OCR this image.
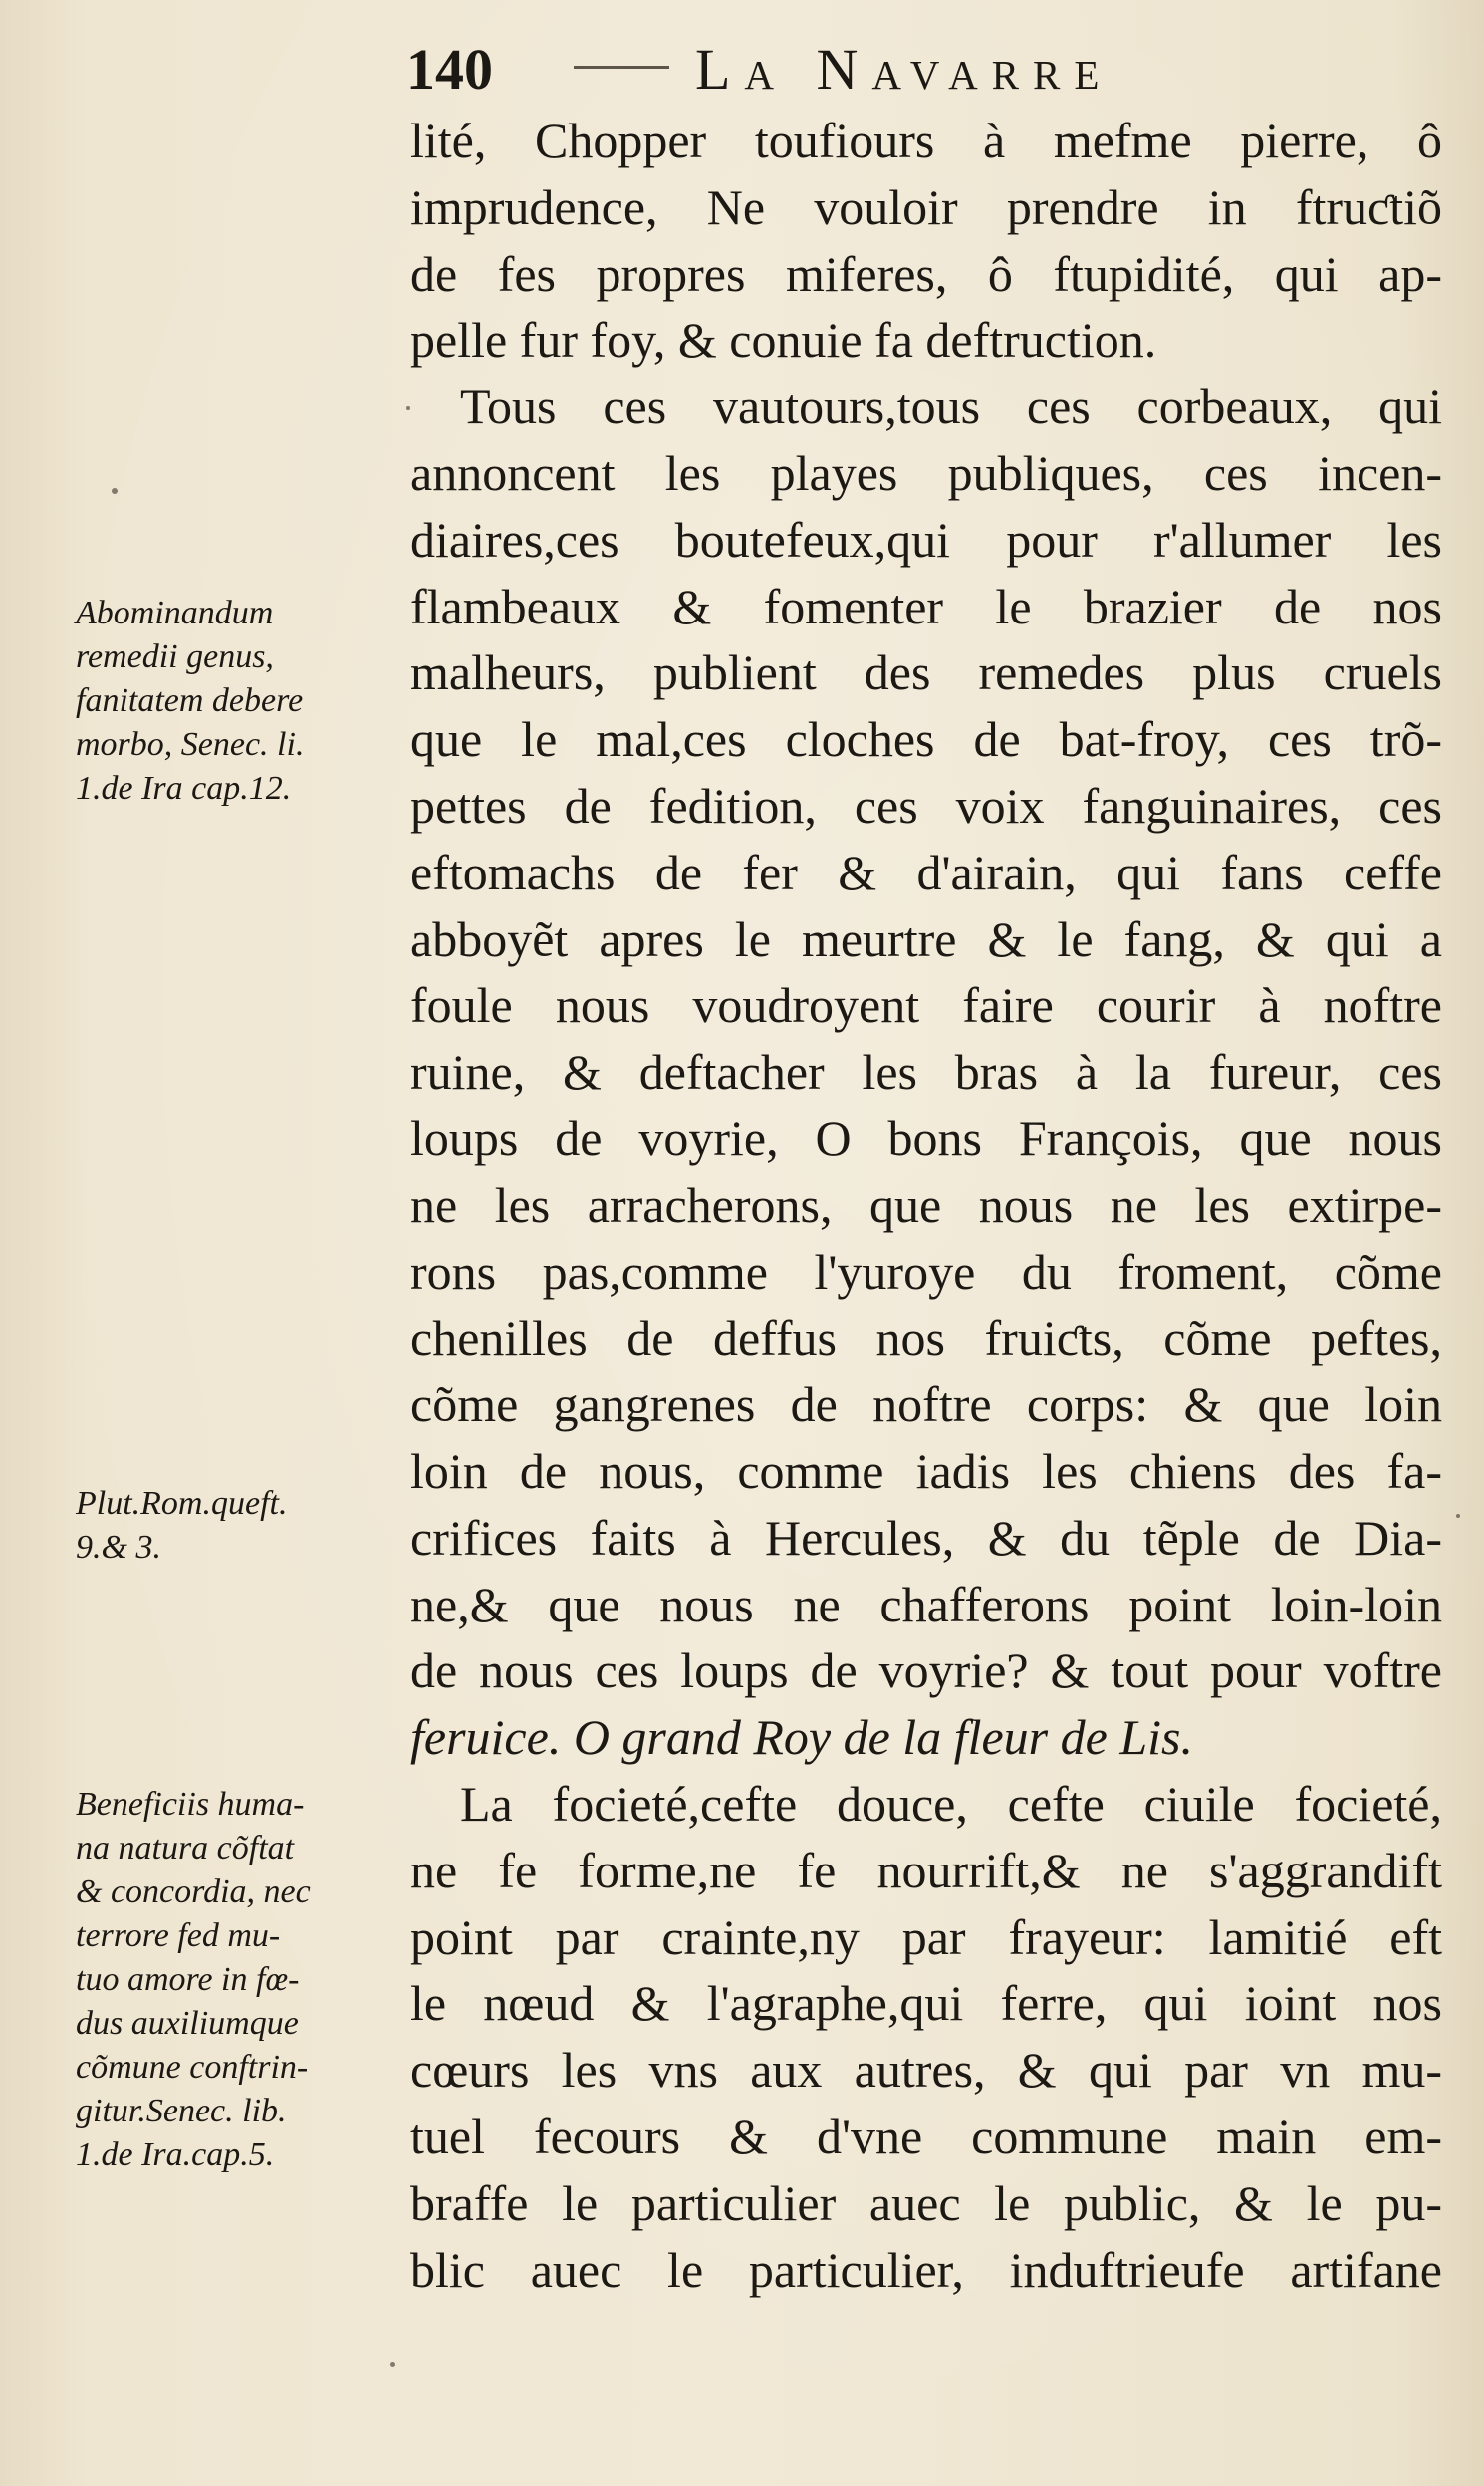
140	La Navarre
lité, Chopper toufiours à mefme pierre, ô
imprudence, Ne vouloir prendre in ftruƈtiõ
de fes propres miferes, ô ftupidité, qui ap-
pelle fur foy, & conuie fa deftruction.
Tous ces vautours,tous ces corbeaux, qui
annoncent les playes publiques, ces incen-
diaires,ces boutefeux,qui pour r'allumer les
flambeaux & fomenter le brazier de nos
malheurs, publient des remedes plus cruels
que le mal,ces cloches de bat-froy, ces trõ-
pettes de fedition, ces voix fanguinaires, ces
eftomachs de fer & d'airain, qui fans ceffe
abboyẽt apres le meurtre & le fang, & qui a
foule nous voudroyent faire courir à noftre
ruine, & deftacher les bras à la fureur, ces
loups de voyrie, O bons François, que nous
ne les arracherons, que nous ne les extirpe-
rons pas,comme l'yuroye du froment, cõme
chenilles de deffus nos fruiƈts, cõme peftes,
cõme gangrenes de noftre corps: & que loin
loin de nous, comme iadis les chiens des fa-
crifices faits à Hercules, & du tẽple de Dia-
ne,& que nous ne chafferons point loin-loin
de nous ces loups de voyrie? & tout pour voftre
feruice. O grand Roy de la fleur de Lis.
La focieté,cefte douce, cefte ciuile focieté,
ne fe forme,ne fe nourrift,& ne s'aggrandift
point par crainte,ny par frayeur: lamitié eft
le nœud & l'agraphe,qui ferre, qui ioint nos
cœurs les vns aux autres, & qui par vn mu-
tuel fecours & d'vne commune main em-
braffe le particulier auec le public, & le pu-
blic auec le particulier, induftrieufe artifane
Abominandum
remedii genus,
fanitatem debere
morbo, Senec. li.
1.de Ira cap.12.
Plut.Rom.queft.
9.& 3.
Beneficiis huma-
na natura cõftat
& concordia, nec
terrore fed mu-
tuo amore in fœ-
dus auxiliumque
cõmune conftrin-
gitur.Senec. lib.
1.de Ira.cap.5.
